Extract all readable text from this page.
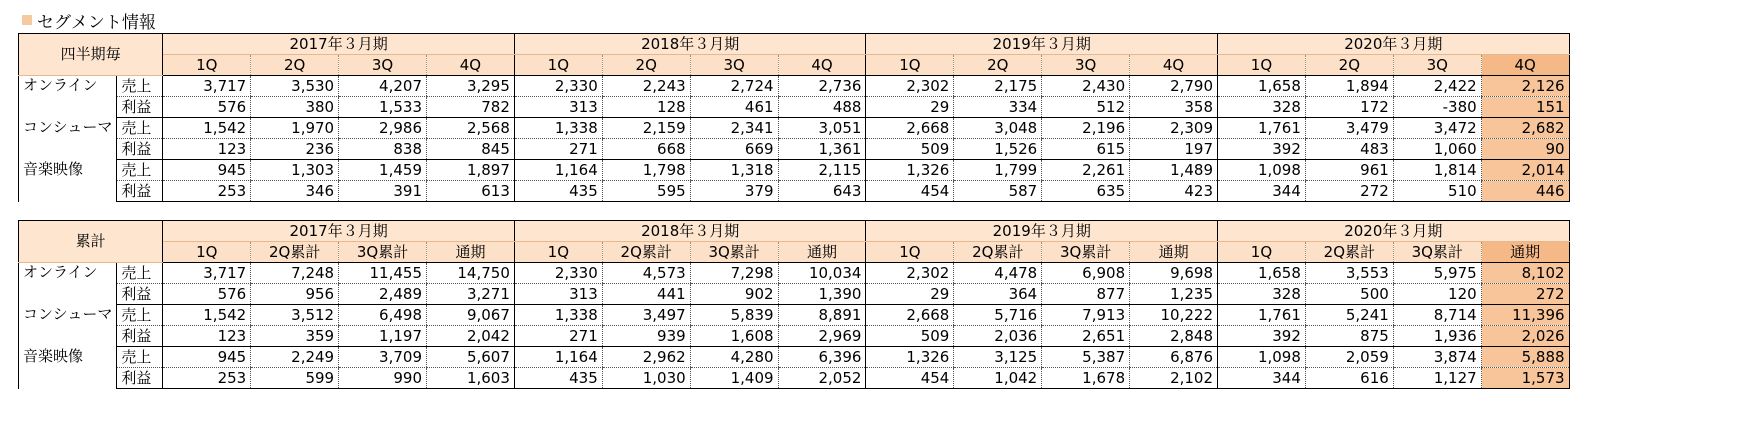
セグメント情報
四半期毎		2017年３月期				2018年３月期				2019年３月期				2020年３月期			
		1Q	2Q	3Q	4Q	1Q	2Q	3Q	4Q	1Q	2Q	3Q	4Q	1Q	2Q	3Q	4Q
オンライン	売上	3,717	3,530	4,207	3,295	2,330	2,243	2,724	2,736	2,302	2,175	2,430	2,790	1,658	1,894	2,422	2,126
	利益	576	380	1,533	782	313	128	461	488	29	334	512	358	328	172	-380	151
コンシューマ	売上	1,542	1,970	2,986	2,568	1,338	2,159	2,341	3,051	2,668	3,048	2,196	2,309	1,761	3,479	3,472	2,682
	利益	123	236	838	845	271	668	669	1,361	509	1,526	615	197	392	483	1,060	90
音楽映像	売上	945	1,303	1,459	1,897	1,164	1,798	1,318	2,115	1,326	1,799	2,261	1,489	1,098	961	1,814	2,014
	利益	253	346	391	613	435	595	379	643	454	587	635	423	344	272	510	446
累計		2017年３月期				2018年３月期				2019年３月期				2020年３月期			
		1Q	2Q累計	3Q累計	通期	1Q	2Q累計	3Q累計	通期	1Q	2Q累計	3Q累計	通期	1Q	2Q累計	3Q累計	通期
オンライン	売上	3,717	7,248	11,455	14,750	2,330	4,573	7,298	10,034	2,302	4,478	6,908	9,698	1,658	3,553	5,975	8,102
	利益	576	956	2,489	3,271	313	441	902	1,390	29	364	877	1,235	328	500	120	272
コンシューマ	売上	1,542	3,512	6,498	9,067	1,338	3,497	5,839	8,891	2,668	5,716	7,913	10,222	1,761	5,241	8,714	11,396
	利益	123	359	1,197	2,042	271	939	1,608	2,969	509	2,036	2,651	2,848	392	875	1,936	2,026
音楽映像	売上	945	2,249	3,709	5,607	1,164	2,962	4,280	6,396	1,326	3,125	5,387	6,876	1,098	2,059	3,874	5,888
	利益	253	599	990	1,603	435	1,030	1,409	2,052	454	1,042	1,678	2,102	344	616	1,127	1,573
